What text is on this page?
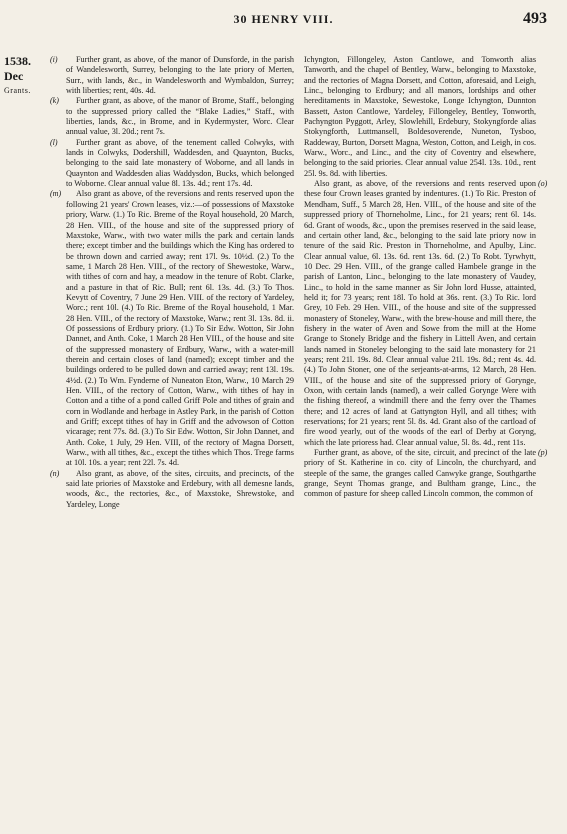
30 HENRY VIII.	493
1538.
Dec
Grants.
(i)	Further grant, as above, of the manor of Dunsforde, in the parish of Wandelesworth, Surrey, belonging to the late priory of Merten, Surr., with lands, &c., in Wandelesworth and Wymbaldon, Surrey; with liberties; rent, 40s. 4d.
(k)	Further grant, as above, of the manor of Brome, Staff., belonging to the suppressed priory called the “Blake Ladies,” Staff., with liberties, lands, &c., in Brome, and in Kydermyster, Worc. Clear annual value, 3l. 20d.; rent 7s.
(l)	Further grant as above, of the tenement called Colwyks, with lands in Colwyks, Dodershill, Waddesden, and Quaynton, Bucks, belonging to the said late monastery of Woborne, and all lands in Quaynton and Waddesden alias Waddysdon, Bucks, which belonged to Woborne. Clear annual value 8l. 13s. 4d.; rent 17s. 4d.
(m)	Also grant as above, of the reversions and rents reserved upon the following 21 years' Crown leases, viz.:—of possessions of Maxstoke priory, Warw. (1.) To Ric. Breme of the Royal household, 20 March, 28 Hen. VIII., of the house and site of the suppressed priory of Maxstoke, Warw., with two water mills the park and certain lands there; except timber and the buildings which the King has ordered to be thrown down and carried away; rent 17l. 9s. 10½d. (2.) To the same, 1 March 28 Hen. VIII., of the rectory of Shewestoke, Warw., with tithes of corn and hay, a meadow in the tenure of Robt. Clarke, and a pasture in that of Ric. Bull; rent 6l. 13s. 4d. (3.) To Thos. Kevytt of Coventry, 7 June 29 Hen. VIII. of the rectory of Yardeley, Worc.; rent 10l. (4.) To Ric. Breme of the Royal household, 1 Mar. 28 Hen. VIII., of the rectory of Maxstoke, Warw.; rent 3l. 13s. 8d. ii. Of possessions of Erdbury priory. (1.) To Sir Edw. Wotton, Sir John Dannet, and Anth. Coke, 1 March 28 Hen VIII., of the house and site of the suppressed monastery of Erdbury, Warw., with a water-mill therein and certain closes of land (named); except timber and the buildings ordered to be pulled down and carried away; rent 13l. 19s. 4½d. (2.) To Wm. Fynderne of Nuneaton Eton, Warw., 10 March 29 Hen. VIII., of the rectory of Cotton, Warw., with tithes of hay in Cotton and a tithe of a pond called Griff Pole and tithes of grain and corn in Wodlande and herbage in Astley Park, in the parish of Cotton and Griff; except tithes of hay in Griff and the advowson of Cotton vicarage; rent 77s. 8d. (3.) To Sir Edw. Wotton, Sir John Dannet, and Anth. Coke, 1 July, 29 Hen. VIII, of the rectory of Magna Dorsett, Warw., with all tithes, &c., except the tithes which Thos. Trege farms at 10l. 10s. a year; rent 22l. 7s. 4d.
(n)	Also grant, as above, of the sites, circuits, and precincts, of the said late priories of Maxstoke and Erdebury, with all demesne lands, woods, &c., the rectories, &c., of Maxstoke, Shrewstoke, and Yardeley, Longe
Ichyngton, Fillongeley, Aston Cantlowe, and Tonworth alias Tanworth, and the chapel of Bentley, Warw., belonging to Maxstoke, and the rectories of Magna Dorsett, and Cotton, aforesaid, and Leigh, Linc., belonging to Erdbury; and all manors, lordships and other hereditaments in Maxstoke, Sewestoke, Longe Ichyngton, Dunnton Bassett, Aston Cantlowe, Yardeley, Fillongeley, Bentley, Tonworth, Pachyngton Pyggott, Arley, Slowlehill, Erdebury, Stokyngforde alias Stokyngforth, Luttmansell, Boldesoverende, Nuneton, Tysboo, Raddeway, Burton, Dorsett Magna, Weston, Cotton, and Leigh, in cos. Warw., Worc., and Linc., and the city of Coventry and elsewhere, belonging to the said priories. Clear annual value 254l. 13s. 10d., rent 25l. 9s. 8d. with liberties.
(o)
Also grant, as above, of the reversions and rents reserved upon these four Crown leases granted by indentures. (1.) To Ric. Preston of Mendham, Suff., 5 March 28, Hen. VIII., of the house and site of the suppressed priory of Thorneholme, Linc., for 21 years; rent 6l. 14s. 6d. Grant of woods, &c., upon the premises reserved in the said lease, and certain other land, &c., belonging to the said late priory now in tenure of the said Ric. Preston in Thorneholme, and Apulby, Linc. Clear annual value, 6l. 13s. 6d. rent 13s. 6d. (2.) To Robt. Tyrwhytt, 10 Dec. 29 Hen. VIII., of the grange called Hambele grange in the parish of Lanton, Linc., belonging to the late monastery of Vaudey, Linc., to hold in the same manner as Sir John lord Husse, attainted, held it; for 73 years; rent 18l. To hold at 36s. rent. (3.) To Ric. lord Grey, 10 Feb. 29 Hen. VIII., of the house and site of the suppressed monastery of Stoneley, Warw., with the brew-house and mill there, the fishery in the water of Aven and Sowe from the mill at the Home Grange to Stonely Bridge and the fishery in Littell Aven, and certain lands named in Stoneley belonging to the said late monastery for 21 years; rent 21l. 19s. 8d. Clear annual value 21l. 19s. 8d.; rent 4s. 4d. (4.) To John Stoner, one of the serjeants-at-arms, 12 March, 28 Hen. VIII., of the house and site of the suppressed priory of Goryngе, Oxon, with certain lands (named), a weir called Goryngе Were with the fishing thereof, a windmill there and the ferry over the Thames there; and 12 acres of land at Gattyngton Hyll, and all tithes; with reservations; for 21 years; rent 5l. 8s. 4d. Grant also of the cartload of fire wood yearly, out of the woods of the earl of Derby at Goryng, which the late prioress had. Clear annual value, 5l. 8s. 4d., rent 11s.
(p)
Further grant, as above, of the site, circuit, and precinct of the late priory of St. Katherine in co. city of Lincoln, the churchyard, and steeple of the same, the granges called Canwyke grange, Southgarthe grange, Seynt Thomas grange, and Bultham grange, Linc., the common of pasture for sheep called Lincoln common, the common of
